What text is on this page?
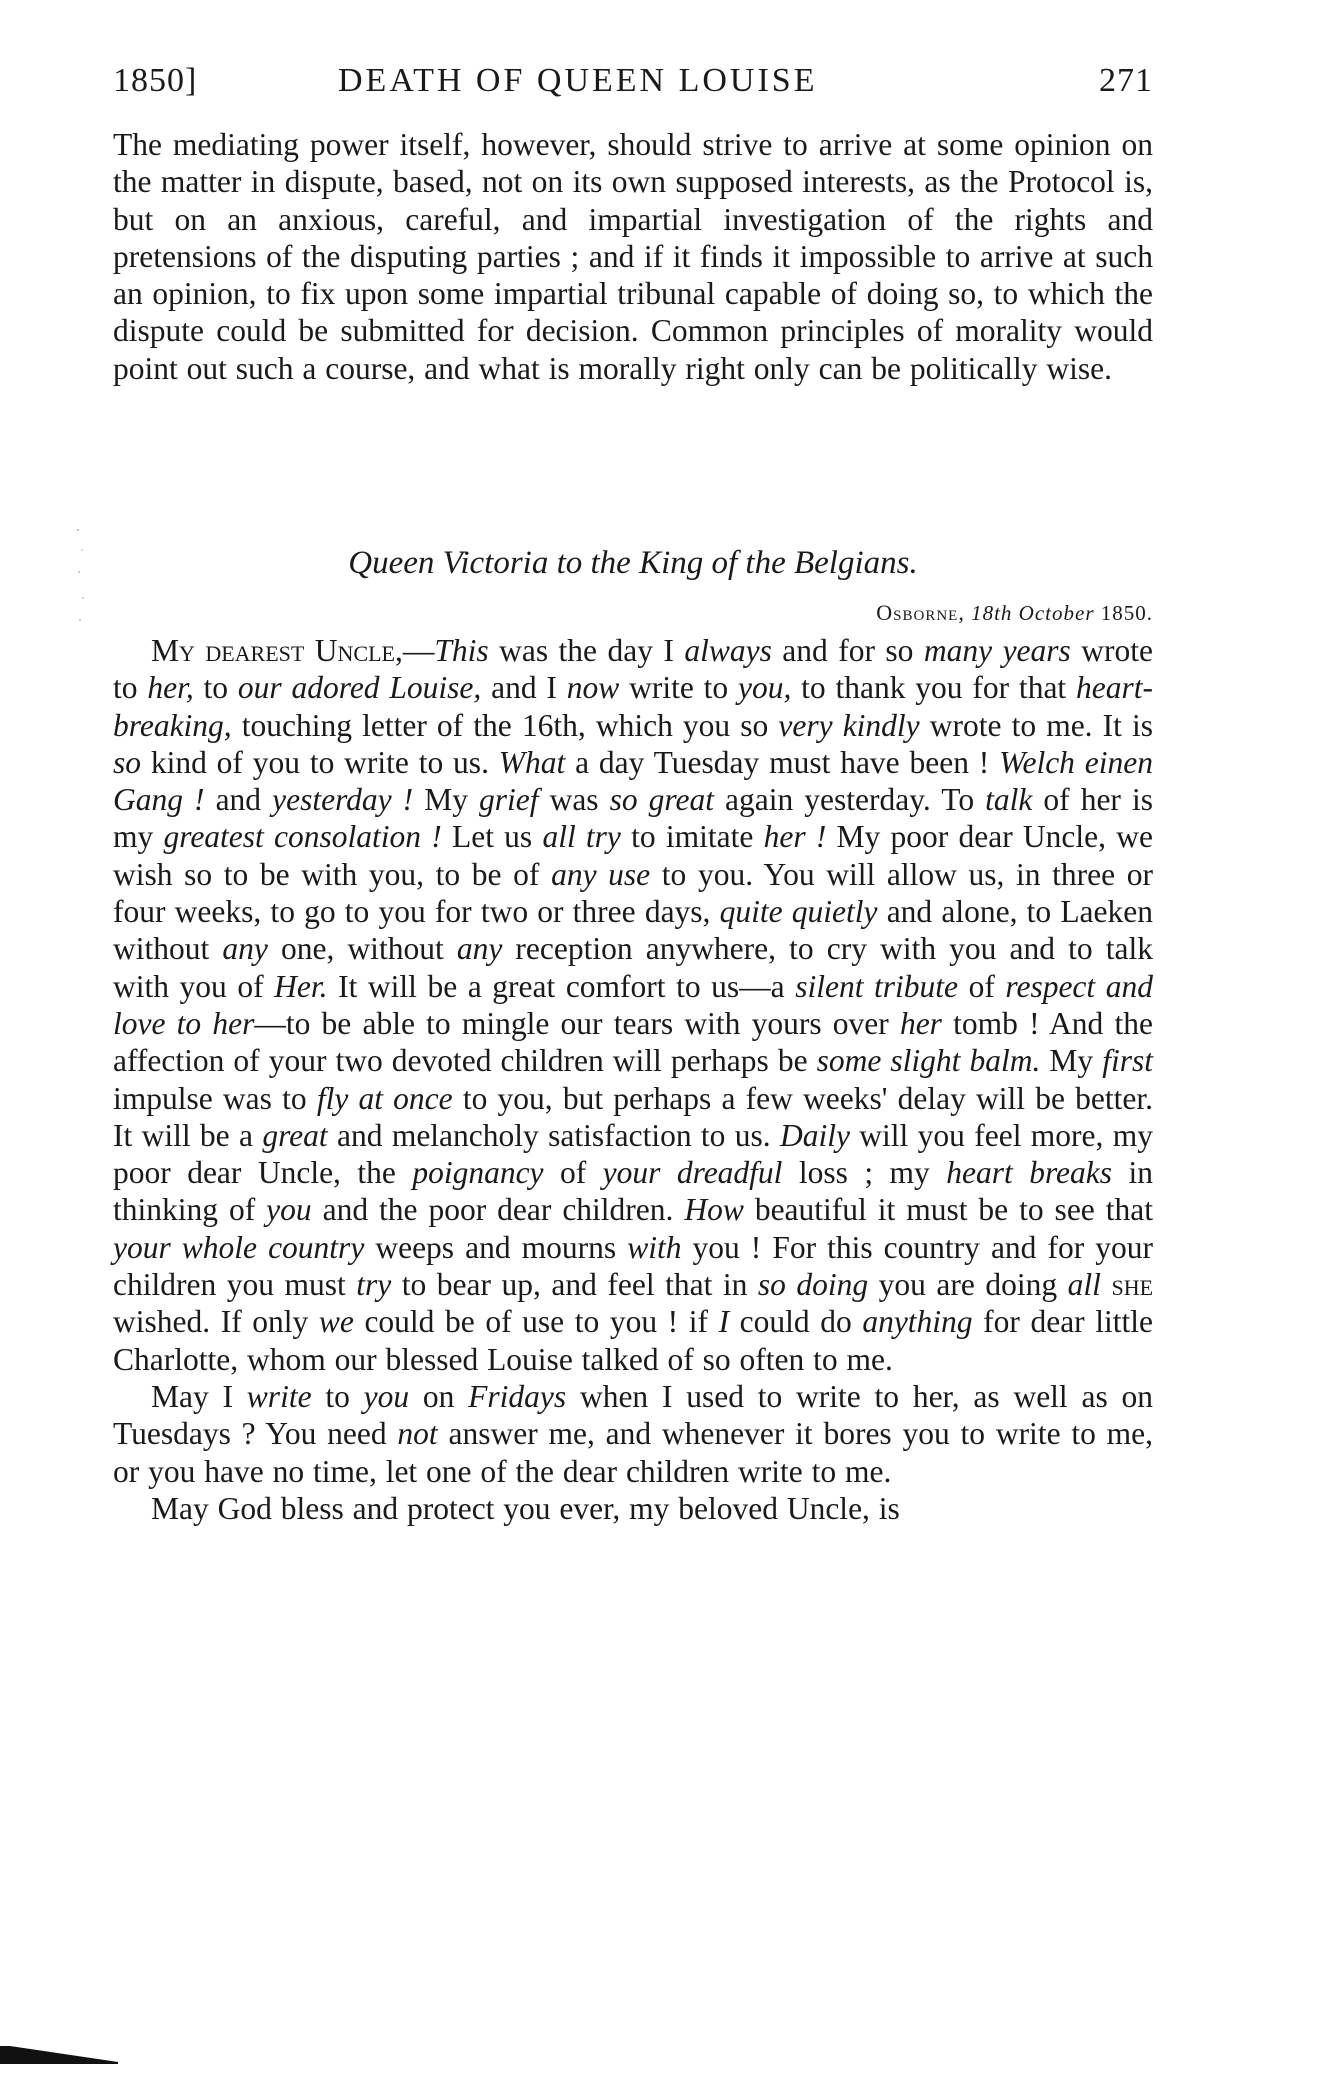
1850]	DEATH OF QUEEN LOUISE	271

The mediating power itself, however, should strive to arrive at some opinion on the matter in dispute, based, not on its own supposed interests, as the Protocol is, but on an anxious, careful, and impartial investigation of the rights and pretensions of the disputing parties ; and if it finds it impossible to arrive at such an opinion, to fix upon some impartial tribunal capable of doing so, to which the dispute could be submitted for decision. Common principles of morality would point out such a course, and what is morally right only can be politically wise.

Queen Victoria to the King of the Belgians.
Osborne, 18th October 1850.

My dearest Uncle,—This was the day I always and for so many years wrote to her, to our adored Louise, and I now write to you, to thank you for that heart-breaking, touching letter of the 16th, which you so very kindly wrote to me. It is so kind of you to write to us. What a day Tuesday must have been ! Welch einen Gang ! and yesterday ! My grief was so great again yesterday. To talk of her is my greatest consolation ! Let us all try to imitate her ! My poor dear Uncle, we wish so to be with you, to be of any use to you. You will allow us, in three or four weeks, to go to you for two or three days, quite quietly and alone, to Laeken without any one, without any reception anywhere, to cry with you and to talk with you of Her. It will be a great comfort to us—a silent tribute of respect and love to her—to be able to mingle our tears with yours over her tomb ! And the affection of your two devoted children will perhaps be some slight balm. My first impulse was to fly at once to you, but perhaps a few weeks' delay will be better. It will be a great and melancholy satisfaction to us. Daily will you feel more, my poor dear Uncle, the poignancy of your dreadful loss ; my heart breaks in thinking of you and the poor dear children. How beautiful it must be to see that your whole country weeps and mourns with you ! For this country and for your children you must try to bear up, and feel that in so doing you are doing all she wished. If only we could be of use to you ! if I could do anything for dear little Charlotte, whom our blessed Louise talked of so often to me.

May I write to you on Fridays when I used to write to her, as well as on Tuesdays ? You need not answer me, and whenever it bores you to write to me, or you have no time, let one of the dear children write to me.

May God bless and protect you ever, my beloved Uncle, is
